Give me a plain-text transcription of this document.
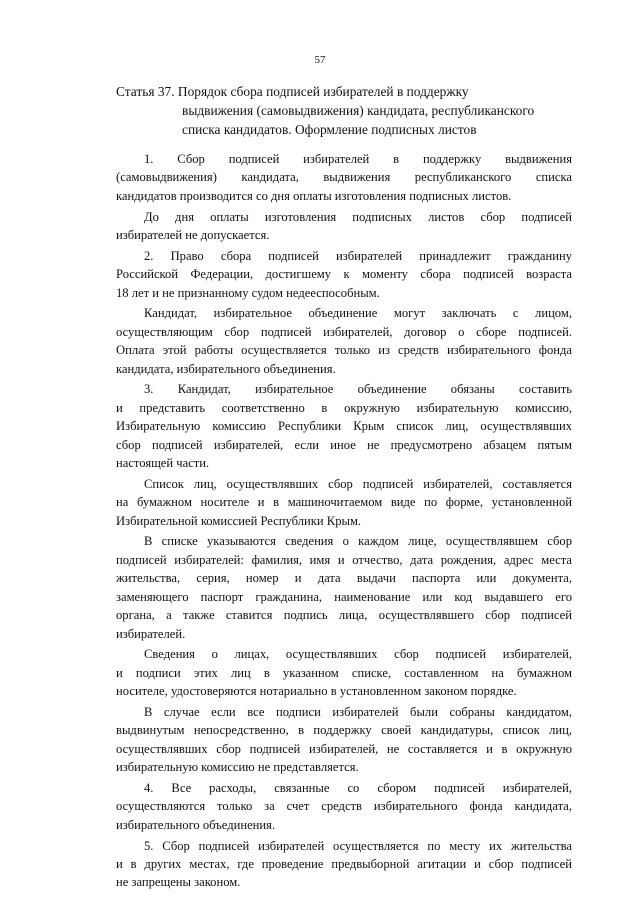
57
Статья 37. Порядок сбора подписей избирателей в поддержку
выдвижения (самовыдвижения) кандидата, республиканского
списка кандидатов. Оформление подписных листов
1. Сбор подписей избирателей в поддержку выдвижения
(самовыдвижения) кандидата, выдвижения республиканского списка
кандидатов производится со дня оплаты изготовления подписных листов.
До дня оплаты изготовления подписных листов сбор подписей
избирателей не допускается.
2. Право сбора подписей избирателей принадлежит гражданину
Российской Федерации, достигшему к моменту сбора подписей возраста
18 лет и не признанному судом недееспособным.
Кандидат, избирательное объединение могут заключать с лицом,
осуществляющим сбор подписей избирателей, договор о сборе подписей.
Оплата этой работы осуществляется только из средств избирательного фонда
кандидата, избирательного объединения.
3. Кандидат, избирательное объединение обязаны составить
и представить соответственно в окружную избирательную комиссию,
Избирательную комиссию Республики Крым список лиц, осуществлявших
сбор подписей избирателей, если иное не предусмотрено абзацем пятым
настоящей части.
Список лиц, осуществлявших сбор подписей избирателей, составляется
на бумажном носителе и в машиночитаемом виде по форме, установленной
Избирательной комиссией Республики Крым.
В списке указываются сведения о каждом лице, осуществлявшем сбор
подписей избирателей: фамилия, имя и отчество, дата рождения, адрес места
жительства, серия, номер и дата выдачи паспорта или документа,
заменяющего паспорт гражданина, наименование или код выдавшего его
органа, а также ставится подпись лица, осуществлявшего сбор подписей
избирателей.
Сведения о лицах, осуществлявших сбор подписей избирателей,
и подписи этих лиц в указанном списке, составленном на бумажном
носителе, удостоверяются нотариально в установленном законом порядке.
В случае если все подписи избирателей были собраны кандидатом,
выдвинутым непосредственно, в поддержку своей кандидатуры, список лиц,
осуществлявших сбор подписей избирателей, не составляется и в окружную
избирательную комиссию не представляется.
4. Все расходы, связанные со сбором подписей избирателей,
осуществляются только за счет средств избирательного фонда кандидата,
избирательного объединения.
5. Сбор подписей избирателей осуществляется по месту их жительства
и в других местах, где проведение предвыборной агитации и сбор подписей
не запрещены законом.
